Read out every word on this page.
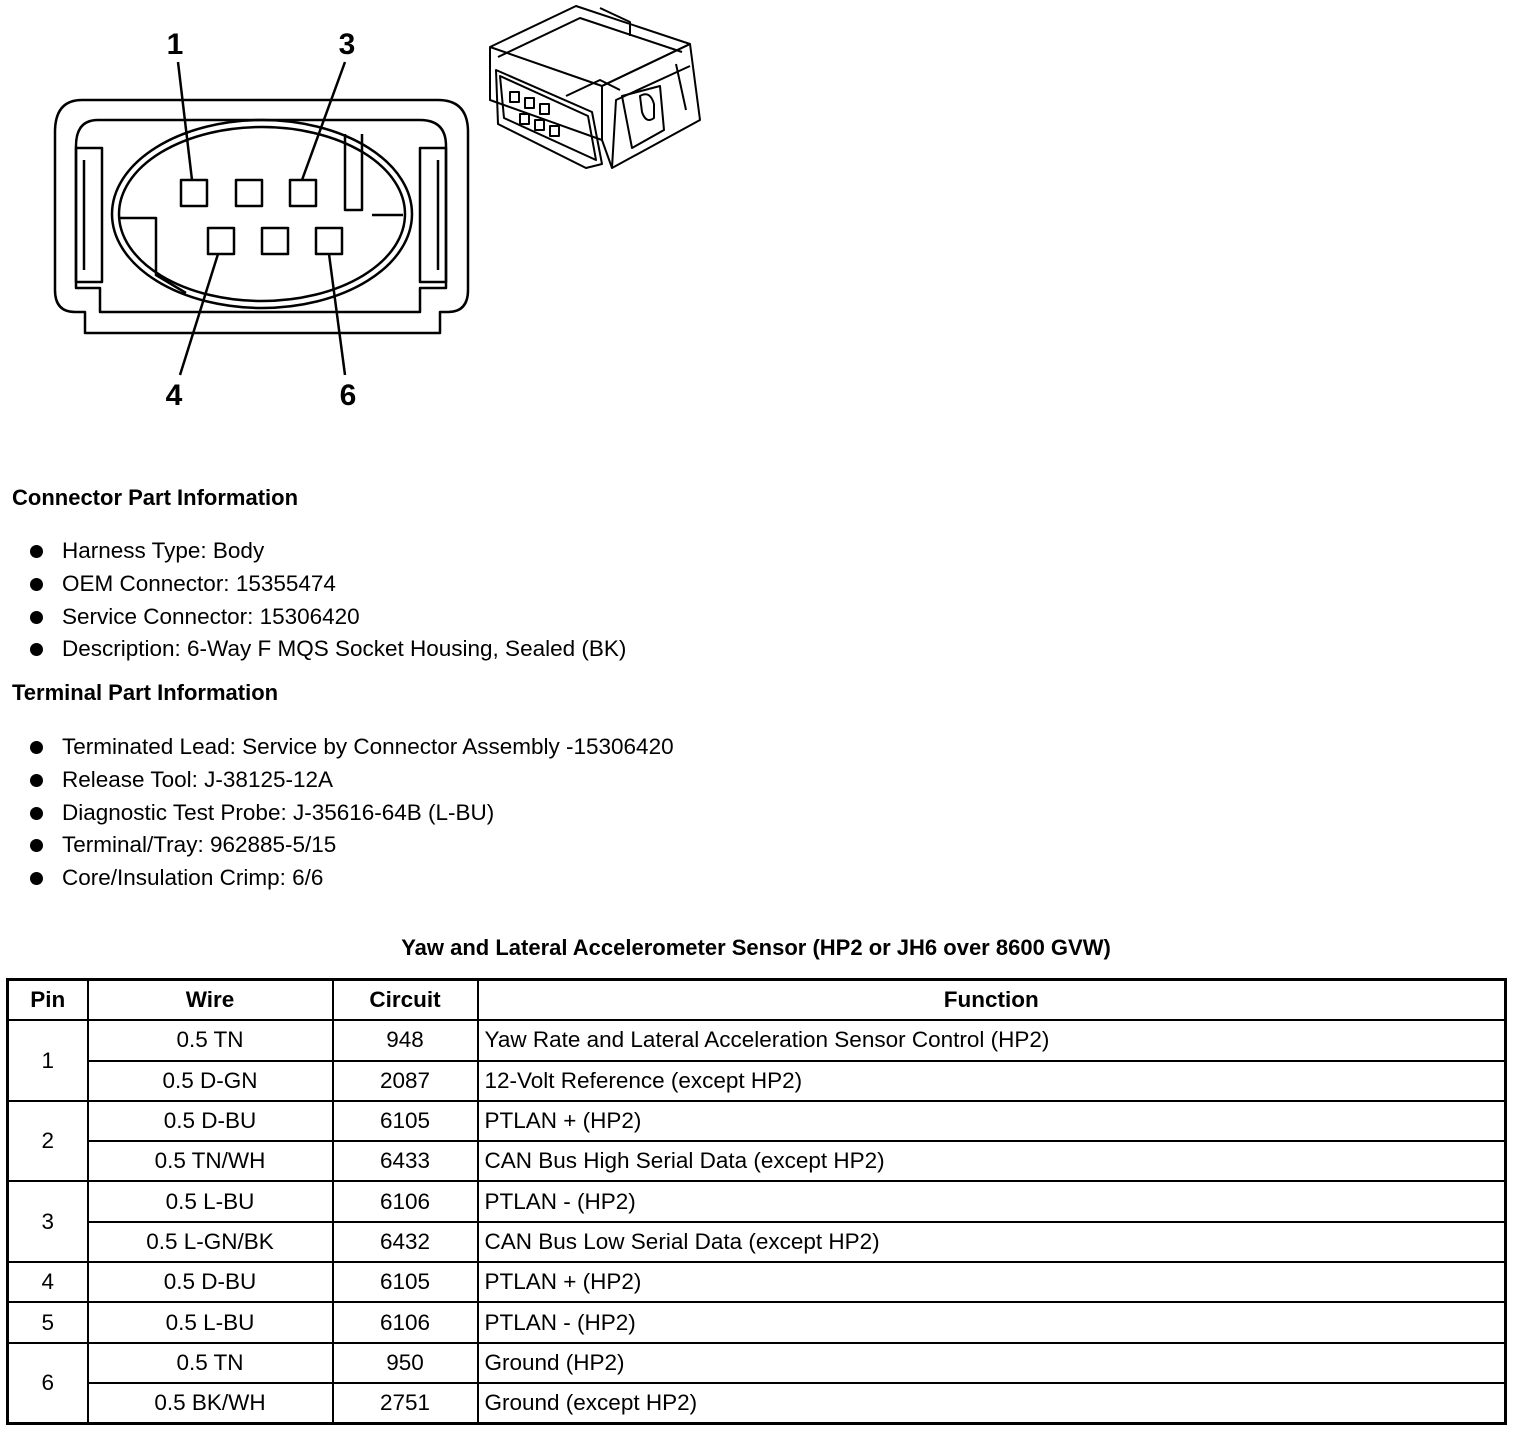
1	3
4	6
Connector Part Information
Harness Type: Body
OEM Connector: 15355474
Service Connector: 15306420
Description: 6-Way F MQS Socket Housing, Sealed (BK)
Terminal Part Information
Terminated Lead: Service by Connector Assembly -15306420
Release Tool: J-38125-12A
Diagnostic Test Probe: J-35616-64B (L-BU)
Terminal/Tray: 962885-5/15
Core/Insulation Crimp: 6/6
Yaw and Lateral Accelerometer Sensor (HP2 or JH6 over 8600 GVW)
Pin	Wire	Circuit	Function
1	0.5 TN	948	Yaw Rate and Lateral Acceleration Sensor Control (HP2)
	0.5 D-GN	2087	12-Volt Reference (except HP2)
2	0.5 D-BU	6105	PTLAN + (HP2)
	0.5 TN/WH	6433	CAN Bus High Serial Data (except HP2)
3	0.5 L-BU	6106	PTLAN - (HP2)
	0.5 L-GN/BK	6432	CAN Bus Low Serial Data (except HP2)
4	0.5 D-BU	6105	PTLAN + (HP2)
5	0.5 L-BU	6106	PTLAN - (HP2)
6	0.5 TN	950	Ground (HP2)
	0.5 BK/WH	2751	Ground (except HP2)
